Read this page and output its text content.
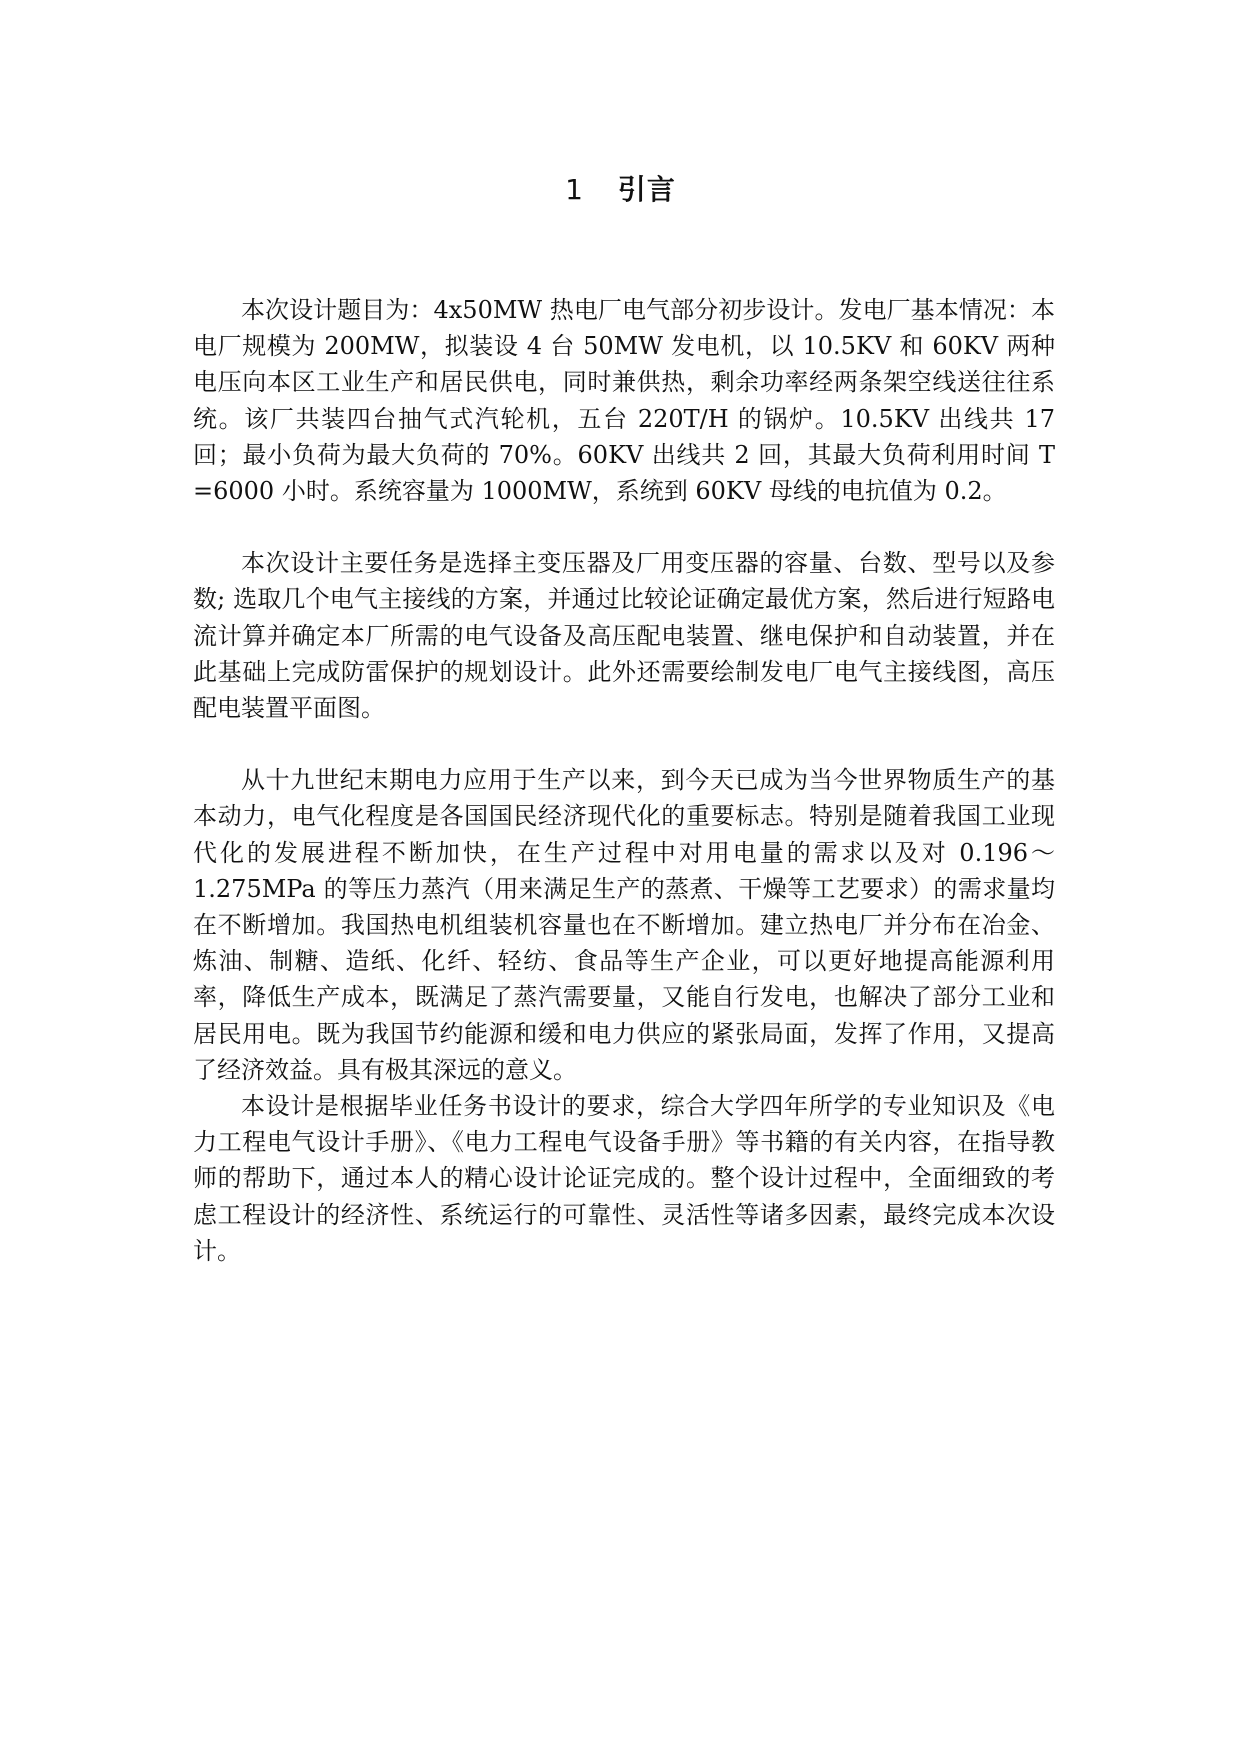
1 引言

本次设计题目为：4x50MW 热电厂电气部分初步设计。发电厂基本情况：本电厂规模为 200MW，拟装设 4 台 50MW 发电机，以 10.5KV 和 60KV 两种电压向本区工业生产和居民供电，同时兼供热，剩余功率经两条架空线送往往系统。该厂共装四台抽气式汽轮机，五台 220T/H 的锅炉。10.5KV 出线共 17 回；最小负荷为最大负荷的 70%。60KV 出线共 2 回，其最大负荷利用时间 T =6000 小时。系统容量为 1000MW，系统到 60KV 母线的电抗值为 0.2。

本次设计主要任务是选择主变压器及厂用变压器的容量、台数、型号以及参数; 选取几个电气主接线的方案，并通过比较论证确定最优方案，然后进行短路电流计算并确定本厂所需的电气设备及高压配电装置、继电保护和自动装置，并在此基础上完成防雷保护的规划设计。此外还需要绘制发电厂电气主接线图，高压配电装置平面图。

从十九世纪末期电力应用于生产以来，到今天已成为当今世界物质生产的基本动力，电气化程度是各国国民经济现代化的重要标志。特别是随着我国工业现代化的发展进程不断加快，在生产过程中对用电量的需求以及对 0.196～1.275MPa 的等压力蒸汽（用来满足生产的蒸煮、干燥等工艺要求）的需求量均在不断增加。我国热电机组装机容量也在不断增加。建立热电厂并分布在冶金、炼油、制糖、造纸、化纤、轻纺、食品等生产企业，可以更好地提高能源利用率，降低生产成本，既满足了蒸汽需要量，又能自行发电，也解决了部分工业和居民用电。既为我国节约能源和缓和电力供应的紧张局面，发挥了作用，又提高了经济效益。具有极其深远的意义。

本设计是根据毕业任务书设计的要求，综合大学四年所学的专业知识及《电力工程电气设计手册》、《电力工程电气设备手册》等书籍的有关内容，在指导教师的帮助下，通过本人的精心设计论证完成的。整个设计过程中，全面细致的考虑工程设计的经济性、系统运行的可靠性、灵活性等诸多因素，最终完成本次设计。
